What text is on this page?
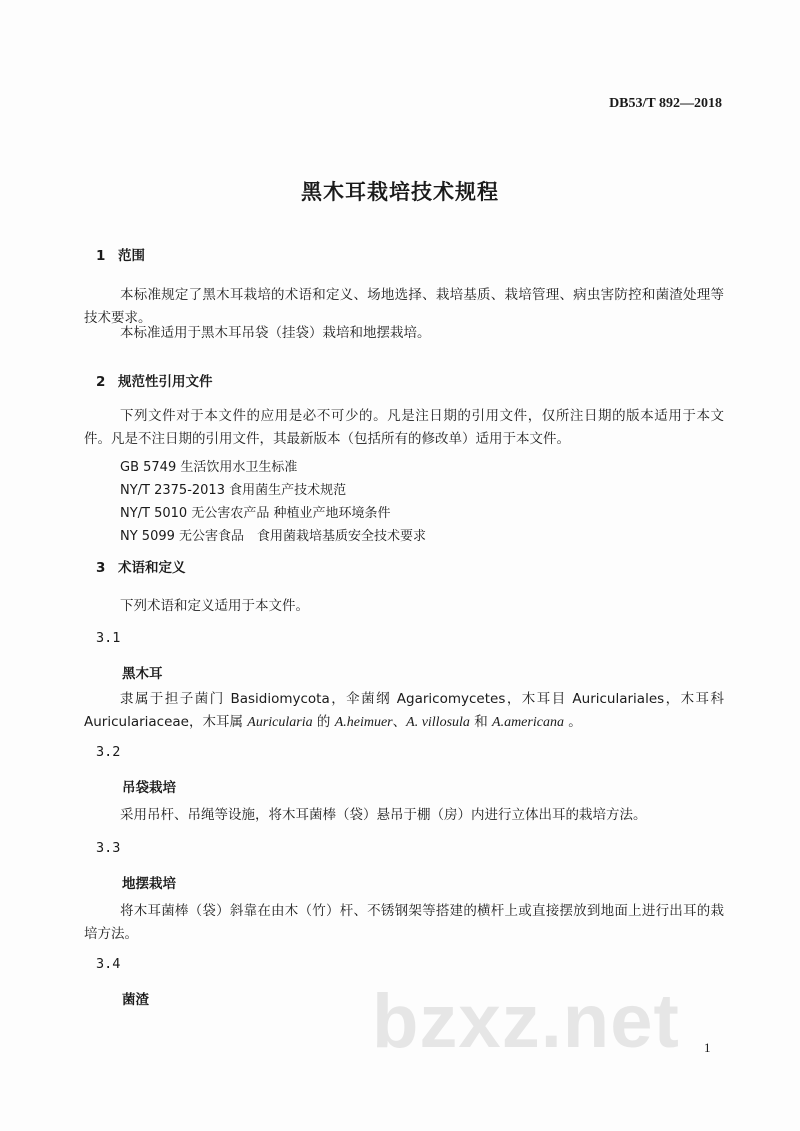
DB53/T 892—2018
黑木耳栽培技术规程
1 范围
本标准规定了黑木耳栽培的术语和定义、场地选择、栽培基质、栽培管理、病虫害防控和菌渣处理等技术要求。
本标准适用于黑木耳吊袋（挂袋）栽培和地摆栽培。
2 规范性引用文件
下列文件对于本文件的应用是必不可少的。凡是注日期的引用文件，仅所注日期的版本适用于本文件。凡是不注日期的引用文件，其最新版本（包括所有的修改单）适用于本文件。
GB 5749 生活饮用水卫生标准
NY/T 2375-2013 食用菌生产技术规范
NY/T 5010 无公害农产品 种植业产地环境条件
NY 5099 无公害食品　食用菌栽培基质安全技术要求
3 术语和定义
下列术语和定义适用于本文件。
3.1
黑木耳
隶属于担子菌门 Basidiomycota，伞菌纲 Agaricomycetes，木耳目 Auriculariales，木耳科 Auriculariaceae，木耳属 Auricularia 的 A.heimuer、A. villosula 和 A.americana 。
3.2
吊袋栽培
采用吊杆、吊绳等设施，将木耳菌棒（袋）悬吊于棚（房）内进行立体出耳的栽培方法。
3.3
地摆栽培
将木耳菌棒（袋）斜靠在由木（竹）杆、不锈钢架等搭建的横杆上或直接摆放到地面上进行出耳的栽培方法。
3.4
菌渣	bzxz.net 1
